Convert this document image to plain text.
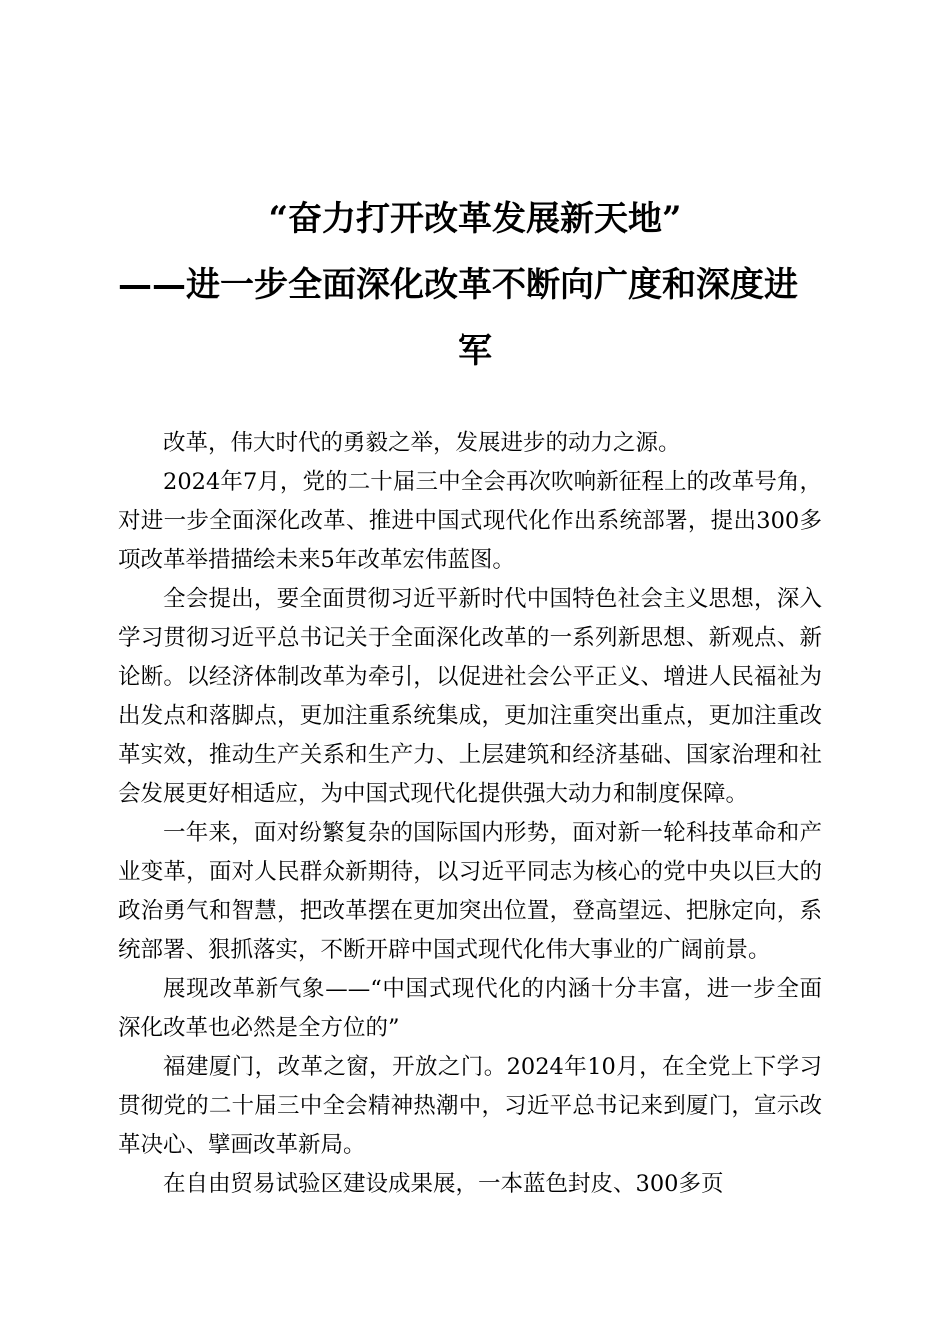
“奋力打开改革发展新天地”
——进一步全面深化改革不断向广度和深度进
军

改革，伟大时代的勇毅之举，发展进步的动力之源。

2024年7月，党的二十届三中全会再次吹响新征程上的改革号角，对进一步全面深化改革、推进中国式现代化作出系统部署，提出300多项改革举措描绘未来5年改革宏伟蓝图。

全会提出，要全面贯彻习近平新时代中国特色社会主义思想，深入学习贯彻习近平总书记关于全面深化改革的一系列新思想、新观点、新论断。以经济体制改革为牵引，以促进社会公平正义、增进人民福祉为出发点和落脚点，更加注重系统集成，更加注重突出重点，更加注重改革实效，推动生产关系和生产力、上层建筑和经济基础、国家治理和社会发展更好相适应，为中国式现代化提供强大动力和制度保障。

一年来，面对纷繁复杂的国际国内形势，面对新一轮科技革命和产业变革，面对人民群众新期待，以习近平同志为核心的党中央以巨大的政治勇气和智慧，把改革摆在更加突出位置，登高望远、把脉定向，系统部署、狠抓落实，不断开辟中国式现代化伟大事业的广阔前景。

展现改革新气象——“中国式现代化的内涵十分丰富，进一步全面深化改革也必然是全方位的”

福建厦门，改革之窗，开放之门。2024年10月，在全党上下学习贯彻党的二十届三中全会精神热潮中，习近平总书记来到厦门，宣示改革决心、擘画改革新局。

在自由贸易试验区建设成果展，一本蓝色封皮、300多页
